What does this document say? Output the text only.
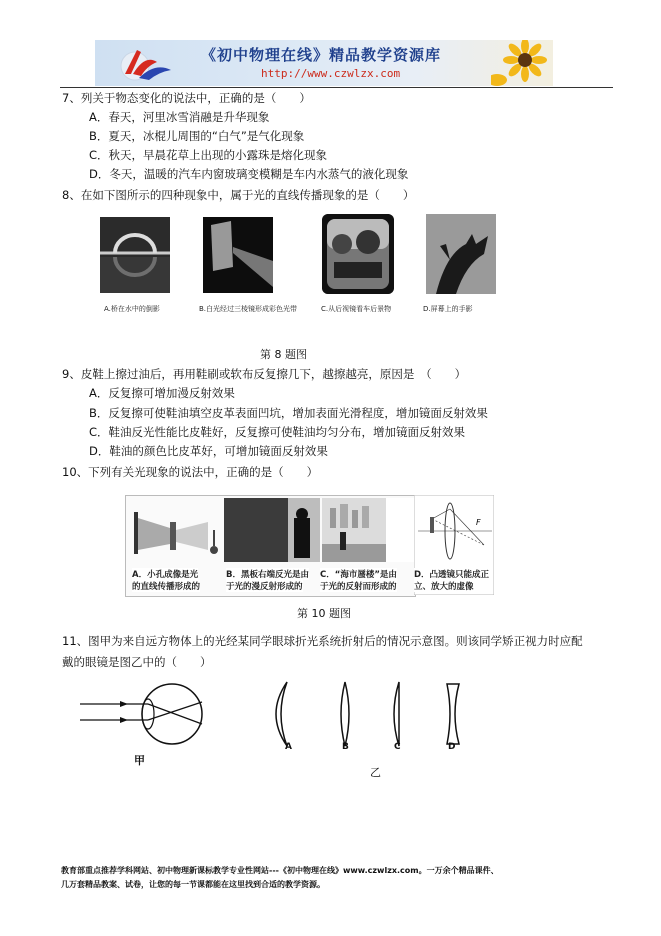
《初中物理在线》精品教学资源库
http://www.czwlzx.com
7、列关于物态变化的说法中，正确的是（　　）
A．春天，河里冰雪消融是升华现象
B．夏天，冰棍儿周围的“白气”是气化现象
C．秋天，早晨花草上出现的小露珠是熔化现象
D．冬天，温暖的汽车内窗玻璃变模糊是车内水蒸气的液化现象
8、在如下图所示的四种现象中，属于光的直线传播现象的是（　　）
A.桥在水中的倒影	B.白光经过三棱镜形成彩色光带	C.从后视镜看车后景物	D.屏幕上的手影
第 8 题图
9、皮鞋上擦过油后，再用鞋刷或软布反复擦几下，越擦越亮，原因是　（　　）
A．反复擦可增加漫反射效果
B．反复擦可使鞋油填空皮革表面凹坑，增加表面光滑程度，增加镜面反射效果
C．鞋油反光性能比皮鞋好，反复擦可使鞋油均匀分布，增加镜面反射效果
D．鞋油的颜色比皮革好，可增加镜面反射效果
10、下列有关光现象的说法中，正确的是（　　）
F
A．小孔成像是光
的直线传播形成的
B．黑板右端反光是由
于光的漫反射形成的
C．“海市蜃楼”是由
于光的反射而形成的
D．凸透镜只能成正
立、放大的虚像
第 10 题图
11、图甲为来自远方物体上的光经某同学眼球折光系统折射后的情况示意图。则该同学矫正视力时应配
戴的眼镜是图乙中的（　　）
甲
A	B	C	D
乙
教育部重点推荐学科网站、初中物理新课标教学专业性网站---《初中物理在线》www.czwlzx.com。一万余个精品课件、
几万套精品教案、试卷，让您的每一节课都能在这里找到合适的教学资源。
